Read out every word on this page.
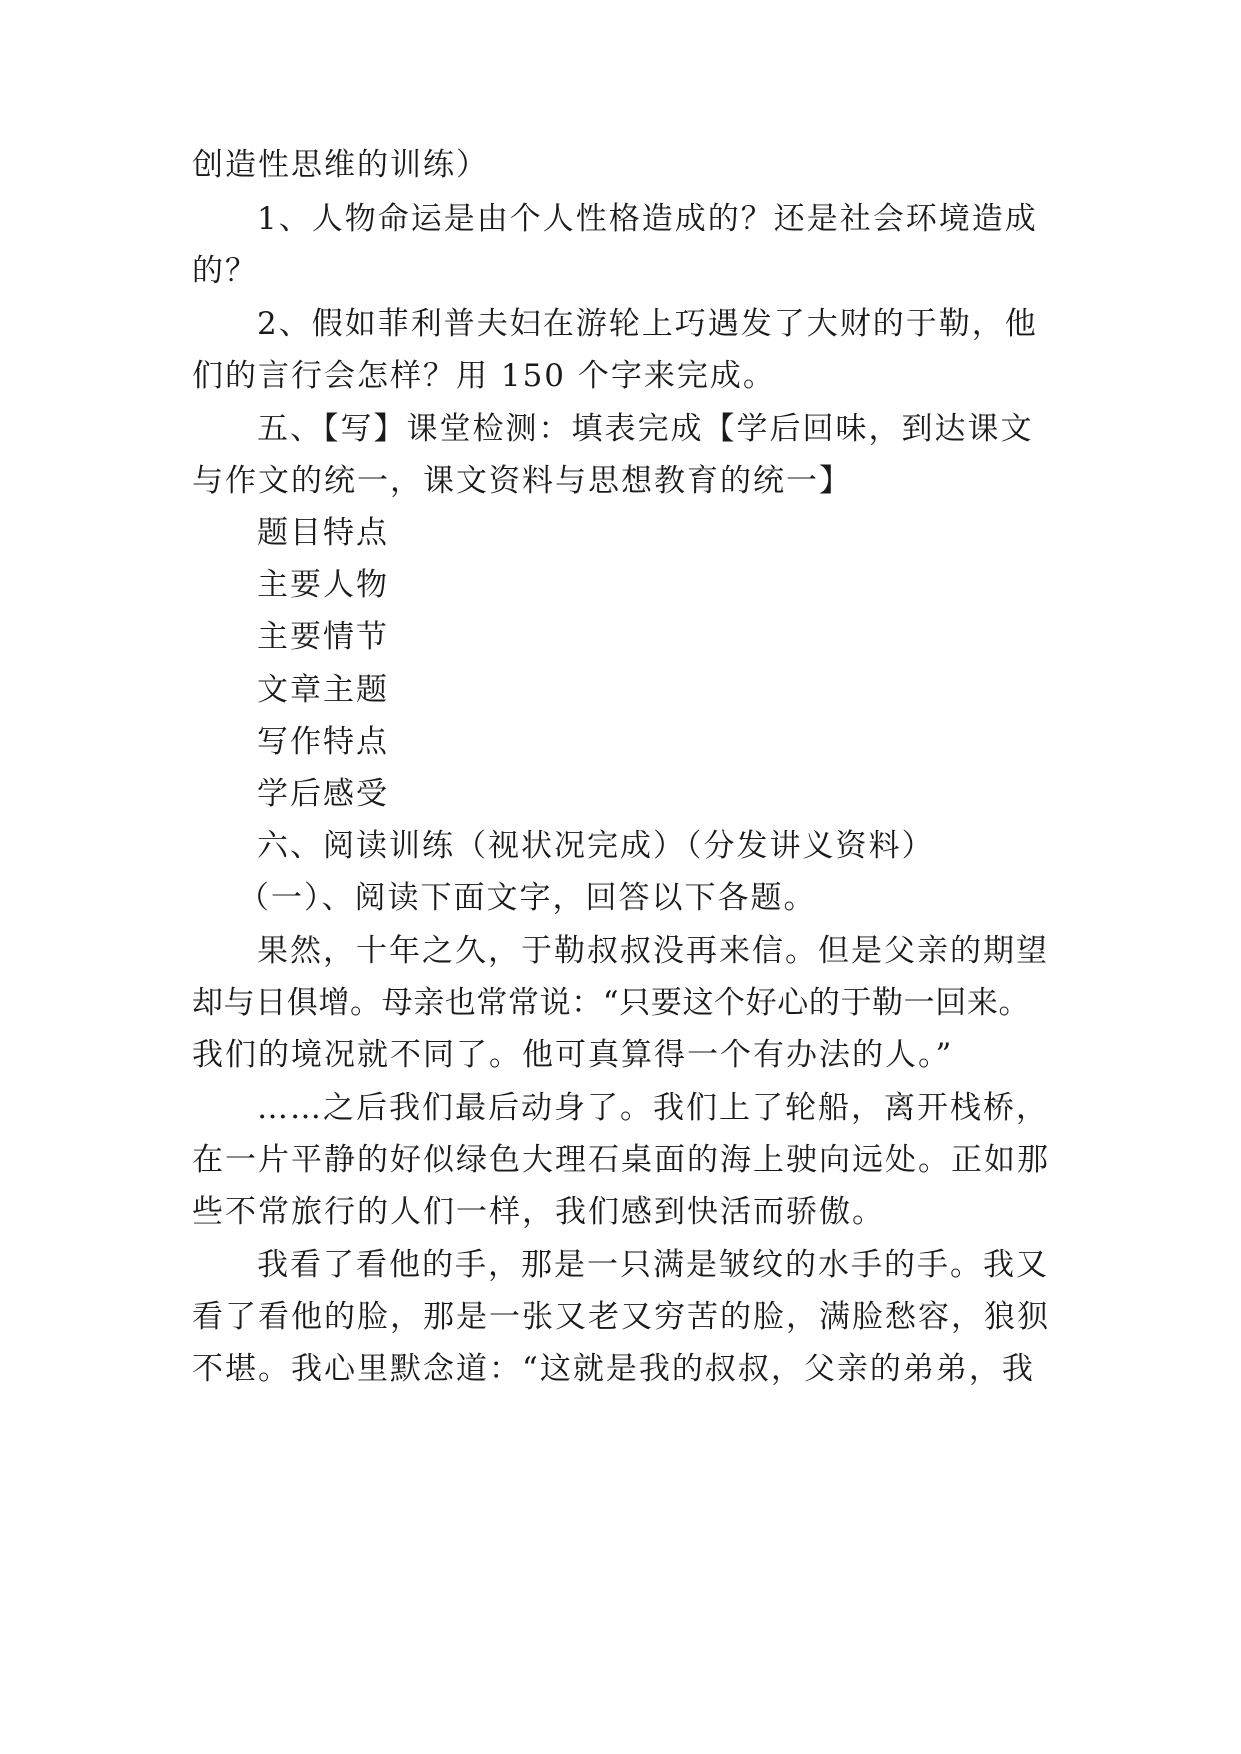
创造性思维的训练）
1、人物命运是由个人性格造成的？还是社会环境造成
的？
2、假如菲利普夫妇在游轮上巧遇发了大财的于勒，他
们的言行会怎样？用 150 个字来完成。
五、【写】课堂检测：填表完成【学后回味，到达课文
与作文的统一，课文资料与思想教育的统一】
题目特点
主要人物
主要情节
文章主题
写作特点
学后感受
六、阅读训练（视状况完成）（分发讲义资料）
（一）、阅读下面文字，回答以下各题。
果然，十年之久，于勒叔叔没再来信。但是父亲的期望
却与日俱增。母亲也常常说：“只要这个好心的于勒一回来。
我们的境况就不同了。他可真算得一个有办法的人。”
……之后我们最后动身了。我们上了轮船，离开栈桥，
在一片平静的好似绿色大理石桌面的海上驶向远处。正如那
些不常旅行的人们一样，我们感到快活而骄傲。
我看了看他的手，那是一只满是皱纹的水手的手。我又
看了看他的脸，那是一张又老又穷苦的脸，满脸愁容，狼狈
不堪。我心里默念道：“这就是我的叔叔，父亲的弟弟，我
